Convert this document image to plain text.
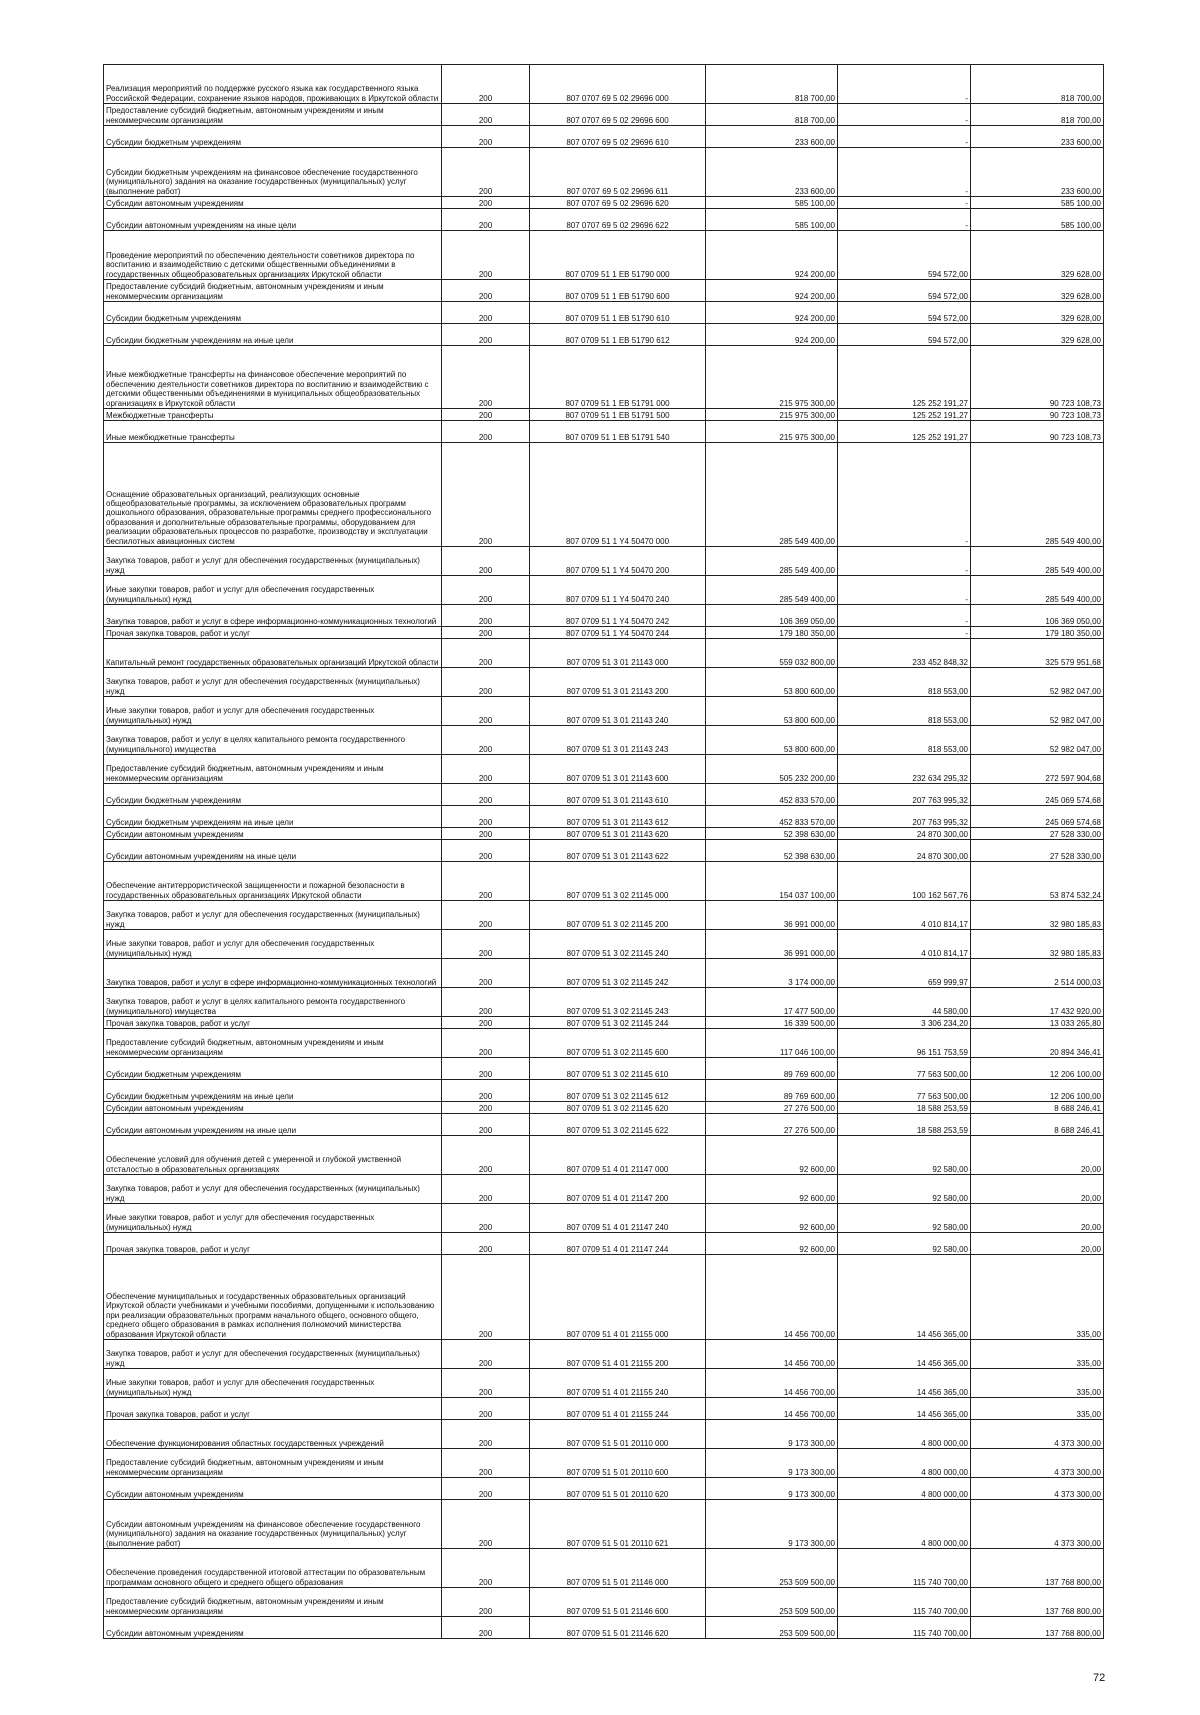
Реализация мероприятий по поддержке русского языка как государственного языка Российской Федерации, сохранение языков народов, проживающих в Иркутской области	200	807 0707 69 5 02 29696 000	818 700,00	-	818 700,00
Предоставление субсидий бюджетным, автономным учреждениям и иным некоммерческим организациям	200	807 0707 69 5 02 29696 600	818 700,00	-	818 700,00
Субсидии бюджетным учреждениям	200	807 0707 69 5 02 29696 610	233 600,00	-	233 600,00
Субсидии бюджетным учреждениям на финансовое обеспечение государственного (муниципального) задания на оказание государственных (муниципальных) услуг (выполнение работ)	200	807 0707 69 5 02 29696 611	233 600,00	-	233 600,00
Субсидии автономным учреждениям	200	807 0707 69 5 02 29696 620	585 100,00	-	585 100,00
Субсидии автономным учреждениям на иные цели	200	807 0707 69 5 02 29696 622	585 100,00	-	585 100,00
Проведение мероприятий по обеспечению деятельности советников директора по воспитанию и взаимодействию с детскими общественными объединениями в государственных общеобразовательных организациях Иркутской области	200	807 0709 51 1 EB 51790 000	924 200,00	594 572,00	329 628,00
Предоставление субсидий бюджетным, автономным учреждениям и иным некоммерческим организациям	200	807 0709 51 1 EB 51790 600	924 200,00	594 572,00	329 628,00
Субсидии бюджетным учреждениям	200	807 0709 51 1 EB 51790 610	924 200,00	594 572,00	329 628,00
Субсидии бюджетным учреждениям на иные цели	200	807 0709 51 1 EB 51790 612	924 200,00	594 572,00	329 628,00
Иные межбюджетные трансферты на финансовое обеспечение мероприятий по обеспечению деятельности советников директора по воспитанию и взаимодействию с детскими общественными объединениями в муниципальных общеобразовательных организациях в Иркутской области	200	807 0709 51 1 EB 51791 000	215 975 300,00	125 252 191,27	90 723 108,73
Межбюджетные трансферты	200	807 0709 51 1 EB 51791 500	215 975 300,00	125 252 191,27	90 723 108,73
Иные межбюджетные трансферты	200	807 0709 51 1 EB 51791 540	215 975 300,00	125 252 191,27	90 723 108,73
Оснащение образовательных организаций, реализующих основные общеобразовательные программы, за исключением образовательных программ дошкольного образования, образовательные программы среднего профессионального образования и дополнительные образовательные программы, оборудованием для реализации образовательных процессов по разработке, производству и эксплуатации беспилотных авиационных систем	200	807 0709 51 1 Y4 50470 000	285 549 400,00	-	285 549 400,00
Закупка товаров, работ и услуг для обеспечения государственных (муниципальных) нужд	200	807 0709 51 1 Y4 50470 200	285 549 400,00	-	285 549 400,00
Иные закупки товаров, работ и услуг для обеспечения государственных (муниципальных) нужд	200	807 0709 51 1 Y4 50470 240	285 549 400,00	-	285 549 400,00
Закупка товаров, работ и услуг в сфере информационно-коммуникационных технологий	200	807 0709 51 1 Y4 50470 242	106 369 050,00	-	106 369 050,00
Прочая закупка товаров, работ и услуг	200	807 0709 51 1 Y4 50470 244	179 180 350,00	-	179 180 350,00
Капитальный ремонт государственных образовательных организаций Иркутской области	200	807 0709 51 3 01 21143 000	559 032 800,00	233 452 848,32	325 579 951,68
Закупка товаров, работ и услуг для обеспечения государственных (муниципальных) нужд	200	807 0709 51 3 01 21143 200	53 800 600,00	818 553,00	52 982 047,00
Иные закупки товаров, работ и услуг для обеспечения государственных (муниципальных) нужд	200	807 0709 51 3 01 21143 240	53 800 600,00	818 553,00	52 982 047,00
Закупка товаров, работ и услуг в целях капитального ремонта государственного (муниципального) имущества	200	807 0709 51 3 01 21143 243	53 800 600,00	818 553,00	52 982 047,00
Предоставление субсидий бюджетным, автономным учреждениям и иным некоммерческим организациям	200	807 0709 51 3 01 21143 600	505 232 200,00	232 634 295,32	272 597 904,68
Субсидии бюджетным учреждениям	200	807 0709 51 3 01 21143 610	452 833 570,00	207 763 995,32	245 069 574,68
Субсидии бюджетным учреждениям на иные цели	200	807 0709 51 3 01 21143 612	452 833 570,00	207 763 995,32	245 069 574,68
Субсидии автономным учреждениям	200	807 0709 51 3 01 21143 620	52 398 630,00	24 870 300,00	27 528 330,00
Субсидии автономным учреждениям на иные цели	200	807 0709 51 3 01 21143 622	52 398 630,00	24 870 300,00	27 528 330,00
Обеспечение антитеррористической защищенности и пожарной безопасности в государственных образовательных организациях Иркутской области	200	807 0709 51 3 02 21145 000	154 037 100,00	100 162 567,76	53 874 532,24
Закупка товаров, работ и услуг для обеспечения государственных (муниципальных) нужд	200	807 0709 51 3 02 21145 200	36 991 000,00	4 010 814,17	32 980 185,83
Иные закупки товаров, работ и услуг для обеспечения государственных (муниципальных) нужд	200	807 0709 51 3 02 21145 240	36 991 000,00	4 010 814,17	32 980 185,83
Закупка товаров, работ и услуг в сфере информационно-коммуникационных технологий	200	807 0709 51 3 02 21145 242	3 174 000,00	659 999,97	2 514 000,03
Закупка товаров, работ и услуг в целях капитального ремонта государственного (муниципального) имущества	200	807 0709 51 3 02 21145 243	17 477 500,00	44 580,00	17 432 920,00
Прочая закупка товаров, работ и услуг	200	807 0709 51 3 02 21145 244	16 339 500,00	3 306 234,20	13 033 265,80
Предоставление субсидий бюджетным, автономным учреждениям и иным некоммерческим организациям	200	807 0709 51 3 02 21145 600	117 046 100,00	96 151 753,59	20 894 346,41
Субсидии бюджетным учреждениям	200	807 0709 51 3 02 21145 610	89 769 600,00	77 563 500,00	12 206 100,00
Субсидии бюджетным учреждениям на иные цели	200	807 0709 51 3 02 21145 612	89 769 600,00	77 563 500,00	12 206 100,00
Субсидии автономным учреждениям	200	807 0709 51 3 02 21145 620	27 276 500,00	18 588 253,59	8 688 246,41
Субсидии автономным учреждениям на иные цели	200	807 0709 51 3 02 21145 622	27 276 500,00	18 588 253,59	8 688 246,41
Обеспечение условий для обучения детей с умеренной и глубокой умственной отсталостью в образовательных организациях	200	807 0709 51 4 01 21147 000	92 600,00	92 580,00	20,00
Закупка товаров, работ и услуг для обеспечения государственных (муниципальных) нужд	200	807 0709 51 4 01 21147 200	92 600,00	92 580,00	20,00
Иные закупки товаров, работ и услуг для обеспечения государственных (муниципальных) нужд	200	807 0709 51 4 01 21147 240	92 600,00	92 580,00	20,00
Прочая закупка товаров, работ и услуг	200	807 0709 51 4 01 21147 244	92 600,00	92 580,00	20,00
Обеспечение муниципальных и государственных образовательных организаций Иркутской области учебниками и учебными пособиями, допущенными к использованию при реализации образовательных программ начального общего, основного общего, среднего общего образования в рамках исполнения полномочий министерства образования Иркутской области	200	807 0709 51 4 01 21155 000	14 456 700,00	14 456 365,00	335,00
Закупка товаров, работ и услуг для обеспечения государственных (муниципальных) нужд	200	807 0709 51 4 01 21155 200	14 456 700,00	14 456 365,00	335,00
Иные закупки товаров, работ и услуг для обеспечения государственных (муниципальных) нужд	200	807 0709 51 4 01 21155 240	14 456 700,00	14 456 365,00	335,00
Прочая закупка товаров, работ и услуг	200	807 0709 51 4 01 21155 244	14 456 700,00	14 456 365,00	335,00
Обеспечение функционирования областных государственных учреждений	200	807 0709 51 5 01 20110 000	9 173 300,00	4 800 000,00	4 373 300,00
Предоставление субсидий бюджетным, автономным учреждениям и иным некоммерческим организациям	200	807 0709 51 5 01 20110 600	9 173 300,00	4 800 000,00	4 373 300,00
Субсидии автономным учреждениям	200	807 0709 51 5 01 20110 620	9 173 300,00	4 800 000,00	4 373 300,00
Субсидии автономным учреждениям на финансовое обеспечение государственного (муниципального) задания на оказание государственных (муниципальных) услуг (выполнение работ)	200	807 0709 51 5 01 20110 621	9 173 300,00	4 800 000,00	4 373 300,00
Обеспечение проведения государственной итоговой аттестации по образовательным программам основного общего и среднего общего образования	200	807 0709 51 5 01 21146 000	253 509 500,00	115 740 700,00	137 768 800,00
Предоставление субсидий бюджетным, автономным учреждениям и иным некоммерческим организациям	200	807 0709 51 5 01 21146 600	253 509 500,00	115 740 700,00	137 768 800,00
Субсидии автономным учреждениям	200	807 0709 51 5 01 21146 620	253 509 500,00	115 740 700,00	137 768 800,00
72
